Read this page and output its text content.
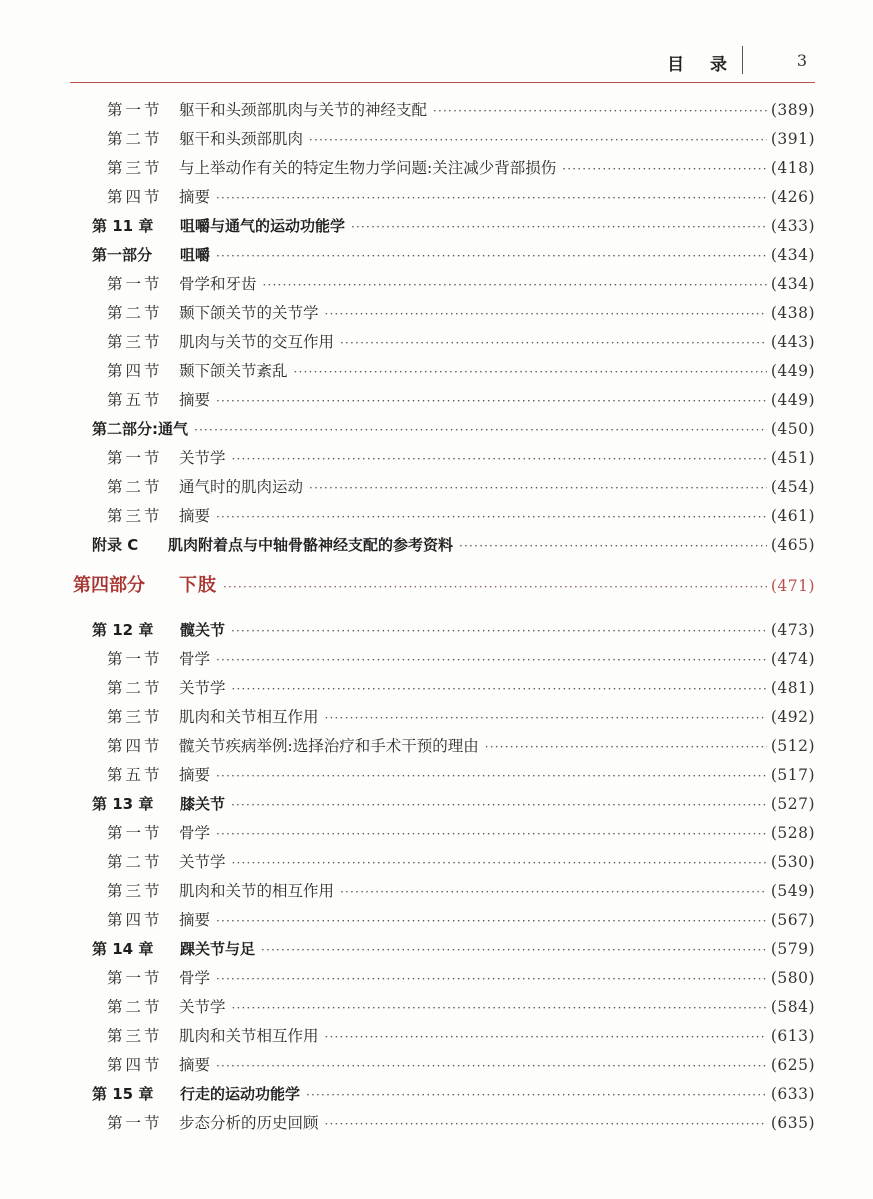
目 录	3
第一节	躯干和头颈部肌肉与关节的神经支配 ·····	(389)
第二节	躯干和头颈部肌肉 ·····	(391)
第三节	与上举动作有关的特定生物力学问题:关注减少背部损伤 ·····	(418)
第四节	摘要 ·····	(426)
第 11 章	咀嚼与通气的运动功能学 ·····	(433)
第一部分	咀嚼 ·····	(434)
第一节	骨学和牙齿 ·····	(434)
第二节	颞下颌关节的关节学 ·····	(438)
第三节	肌肉与关节的交互作用 ·····	(443)
第四节	颞下颌关节紊乱 ·····	(449)
第五节	摘要 ·····	(449)
第二部分 :通气 ·····	(450)
第一节	关节学 ·····	(451)
第二节	通气时的肌肉运动 ·····	(454)
第三节	摘要 ·····	(461)
附录 C	肌肉附着点与中轴骨骼神经支配的参考资料 ·····	(465)
第四部分	下肢 ·····	(471)
第 12 章	髋关节 ·····	(473)
第一节	骨学 ·····	(474)
第二节	关节学 ·····	(481)
第三节	肌肉和关节相互作用 ·····	(492)
第四节	髋关节疾病举例:选择治疗和手术干预的理由 ·····	(512)
第五节	摘要 ·····	(517)
第 13 章	膝关节 ·····	(527)
第一节	骨学 ·····	(528)
第二节	关节学 ·····	(530)
第三节	肌肉和关节的相互作用 ·····	(549)
第四节	摘要 ·····	(567)
第 14 章	踝关节与足 ·····	(579)
第一节	骨学 ·····	(580)
第二节	关节学 ·····	(584)
第三节	肌肉和关节相互作用 ·····	(613)
第四节	摘要 ·····	(625)
第 15 章	行走的运动功能学 ·····	(633)
第一节	步态分析的历史回顾 ·····	(635)
